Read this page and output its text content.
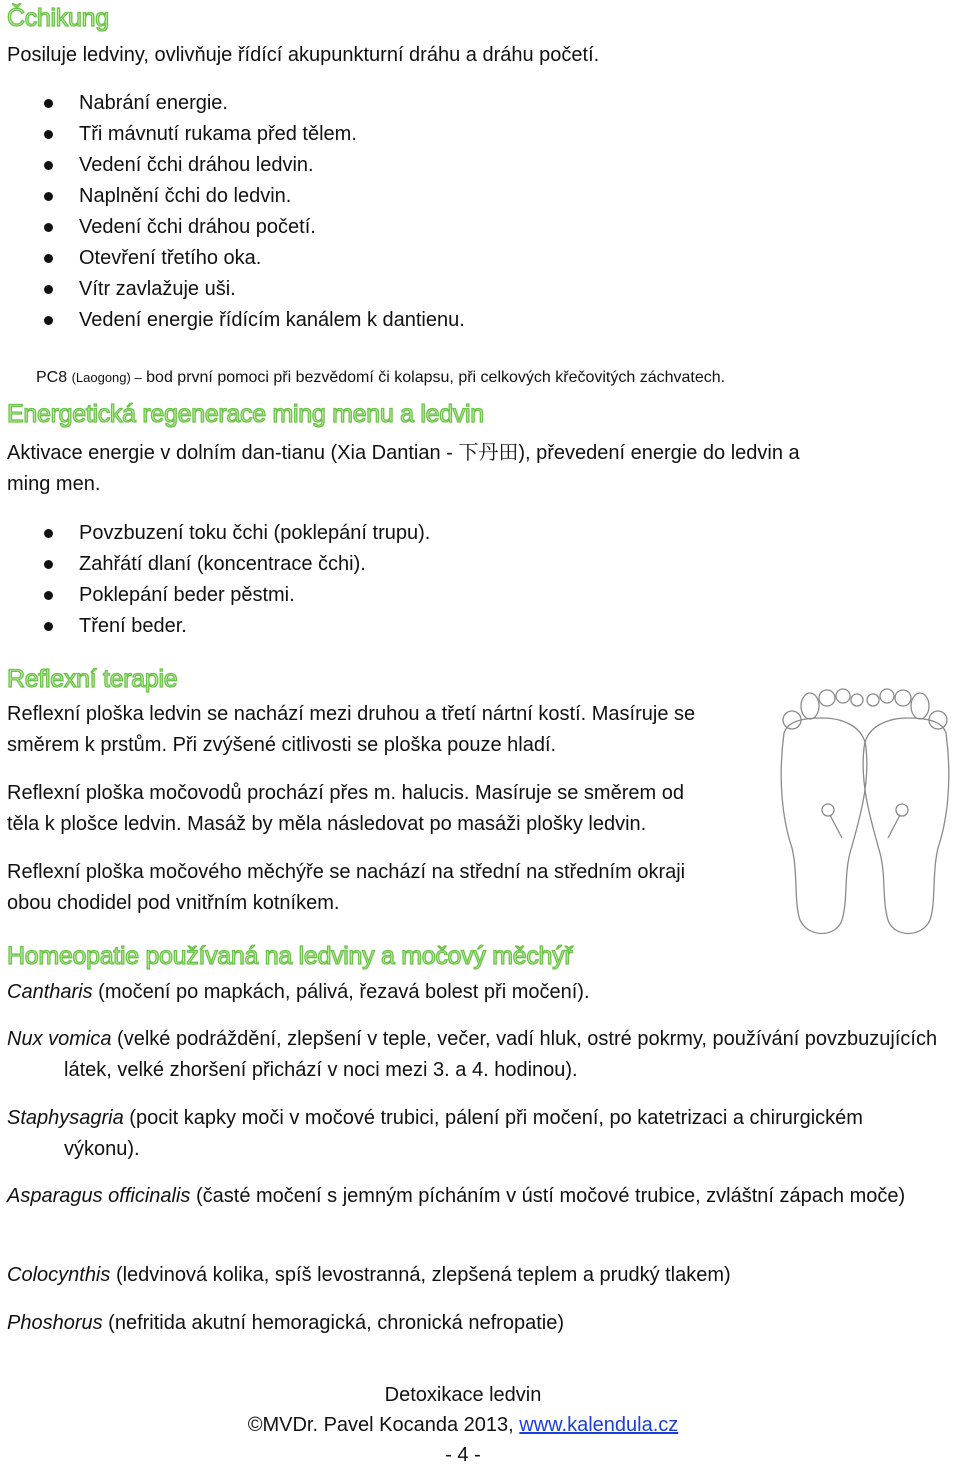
Čchikung

Posiluje ledviny, ovlivňuje řídící akupunkturní dráhu a dráhu početí.

Nabrání energie.
Tři mávnutí rukama před tělem.
Vedení čchi dráhou ledvin.
Naplnění čchi do ledvin.
Vedení čchi dráhou početí.
Otevření třetího oka.
Vítr zavlažuje uši.
Vedení energie řídícím kanálem k dantienu.

PC8 (Laogong) – bod první pomoci při bezvědomí či kolapsu, při celkových křečovitých záchvatech.

Energetická regenerace ming menu a ledvin

Aktivace energie v dolním dan-tianu (Xia Dantian - 下丹田), převedení energie do ledvin a

ming men.

Povzbuzení toku čchi (poklepání trupu).
Zahřátí dlaní (koncentrace čchi).
Poklepání beder pěstmi.
Tření beder.
Reflexní terapie

Reflexní ploška ledvin se nachází mezi druhou a třetí nártní kostí. Masíruje se

směrem k prstům. Při zvýšené citlivosti se ploška pouze hladí.

Reflexní ploška močovodů prochází přes m. halucis. Masíruje se směrem od

těla k plošce ledvin. Masáž by měla následovat po masáži plošky ledvin.

Reflexní ploška močového měchýře se nachází na střední na středním okraji

obou chodidel pod vnitřním kotníkem.

Homeopatie používaná na ledviny a močový měchýř

Cantharis (močení po mapkách, pálivá, řezavá bolest při močení).

Nux vomica (velké podráždění, zlepšení v teple, večer, vadí hluk, ostré pokrmy, používání povzbuzujících látek, velké zhoršení přichází v noci mezi 3. a 4. hodinou).

Staphysagria (pocit kapky moči v močové trubici, pálení při močení, po katetrizaci a chirurgickém výkonu).

Asparagus officinalis (časté močení s jemným pícháním v ústí močové trubice, zvláštní zápach moče)

Colocynthis (ledvinová kolika, spíš levostranná, zlepšená teplem a prudký tlakem)

Phoshorus (nefritida akutní hemoragická, chronická nefropatie)

Detoxikace ledvin
©MVDr. Pavel Kocanda 2013, www.kalendula.cz
- 4 -
